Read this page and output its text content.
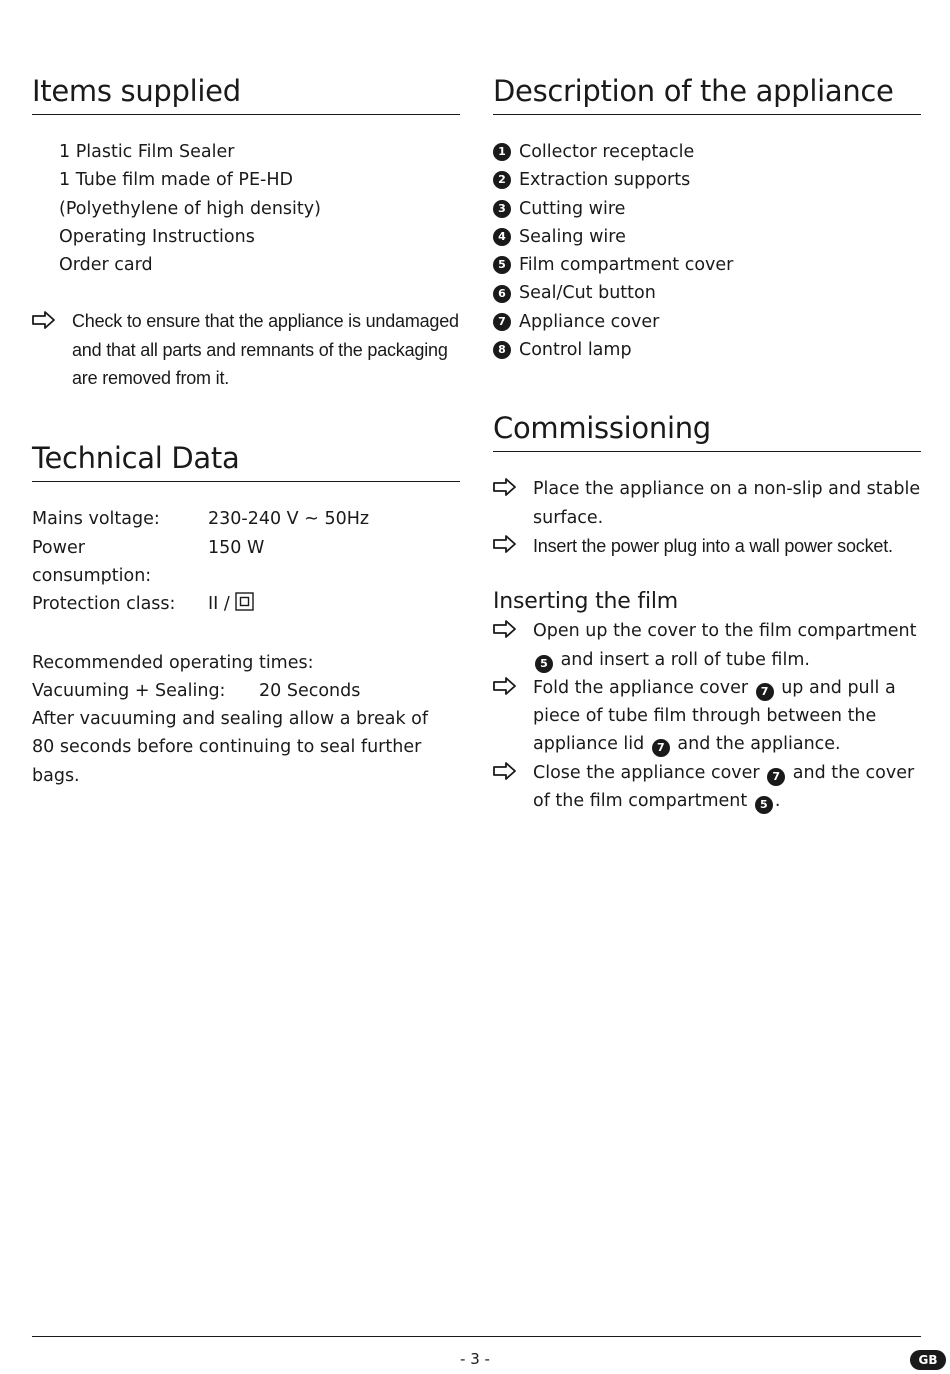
Items supplied
1 Plastic Film Sealer
1 Tube film made of PE-HD
(Polyethylene of high density)
Operating Instructions
Order card
Check to ensure that the appliance is undamaged and that all parts and remnants of the packaging are removed from it.
Technical Data
Mains voltage:	230-240 V ~ 50Hz
Power consumption:
150 W
Protection class:	II /
Recommended operating times:
Vacuuming + Sealing:	20 Seconds
After vacuuming and sealing allow a break of
80 seconds before continuing to seal further bags.
Description of the appliance
1 Collector receptacle
2 Extraction supports
3 Cutting wire
4 Sealing wire
5 Film compartment cover
6 Seal/Cut button
7 Appliance cover
8 Control lamp
Commissioning
Place the appliance on a non-slip and stable surface.
Insert the power plug into a wall power socket.
Inserting the film
Open up the cover to the film compartment 5 and insert a roll of tube film.
Fold the appliance cover 7 up and pull a piece of tube film through between the appliance lid 7 and the appliance.
Close the appliance cover 7 and the cover of the film compartment 5 .
- 3 -	GB
